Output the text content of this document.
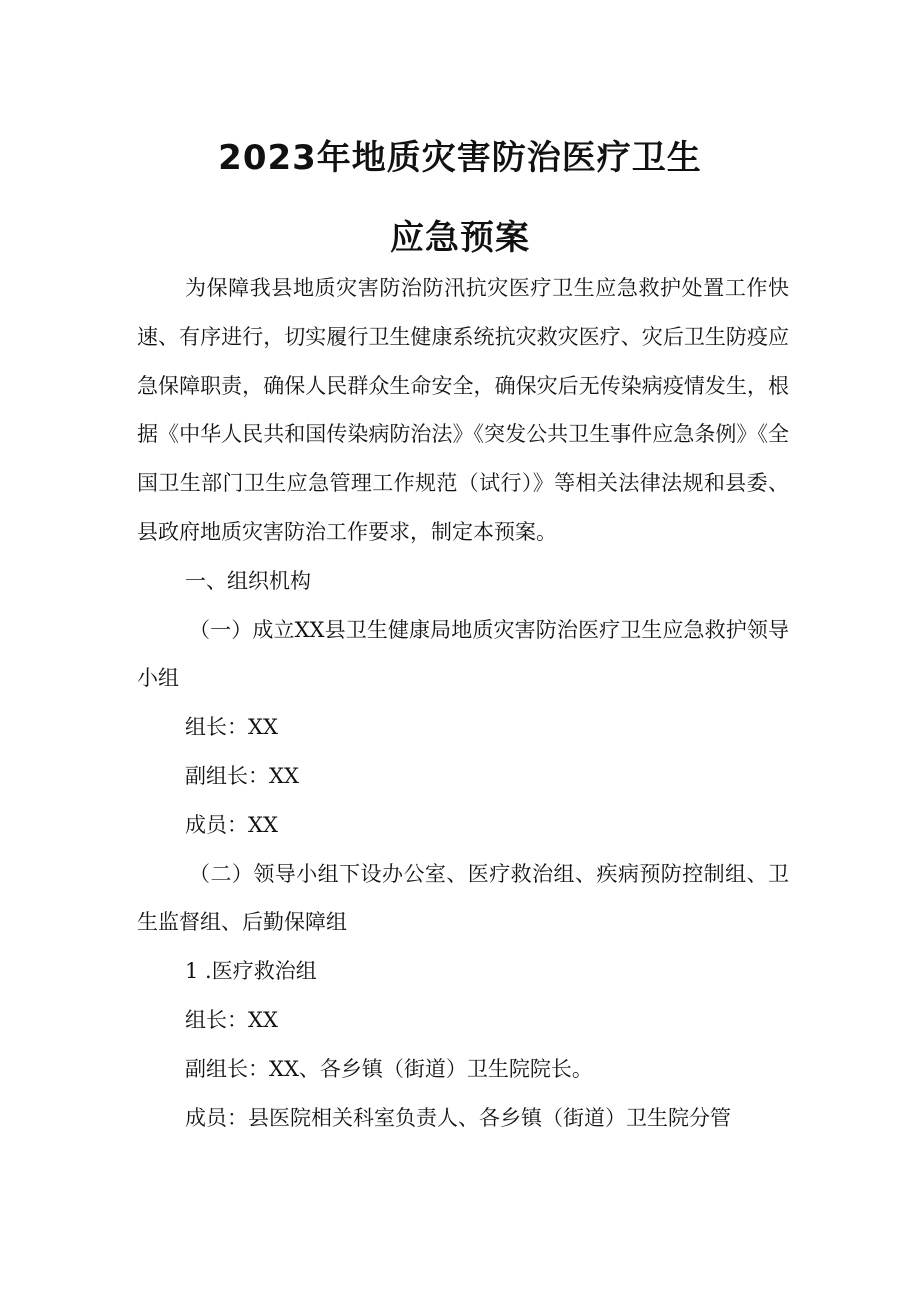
2023年地质灾害防治医疗卫生
应急预案

为保障我县地质灾害防治防汛抗灾医疗卫生应急救护处置工作快速、有序进行，切实履行卫生健康系统抗灾救灾医疗、灾后卫生防疫应急保障职责，确保人民群众生命安全，确保灾后无传染病疫情发生，根据《中华人民共和国传染病防治法》《突发公共卫生事件应急条例》《全国卫生部门卫生应急管理工作规范（试行）》等相关法律法规和县委、县政府地质灾害防治工作要求，制定本预案。

一、组织机构

（一）成立XX县卫生健康局地质灾害防治医疗卫生应急救护领导小组

组长：XX

副组长：XX

成员：XX

（二）领导小组下设办公室、医疗救治组、疾病预防控制组、卫生监督组、后勤保障组

1 .医疗救治组

组长：XX

副组长：XX、各乡镇（街道）卫生院院长。

成员：县医院相关科室负责人、各乡镇（街道）卫生院分管
